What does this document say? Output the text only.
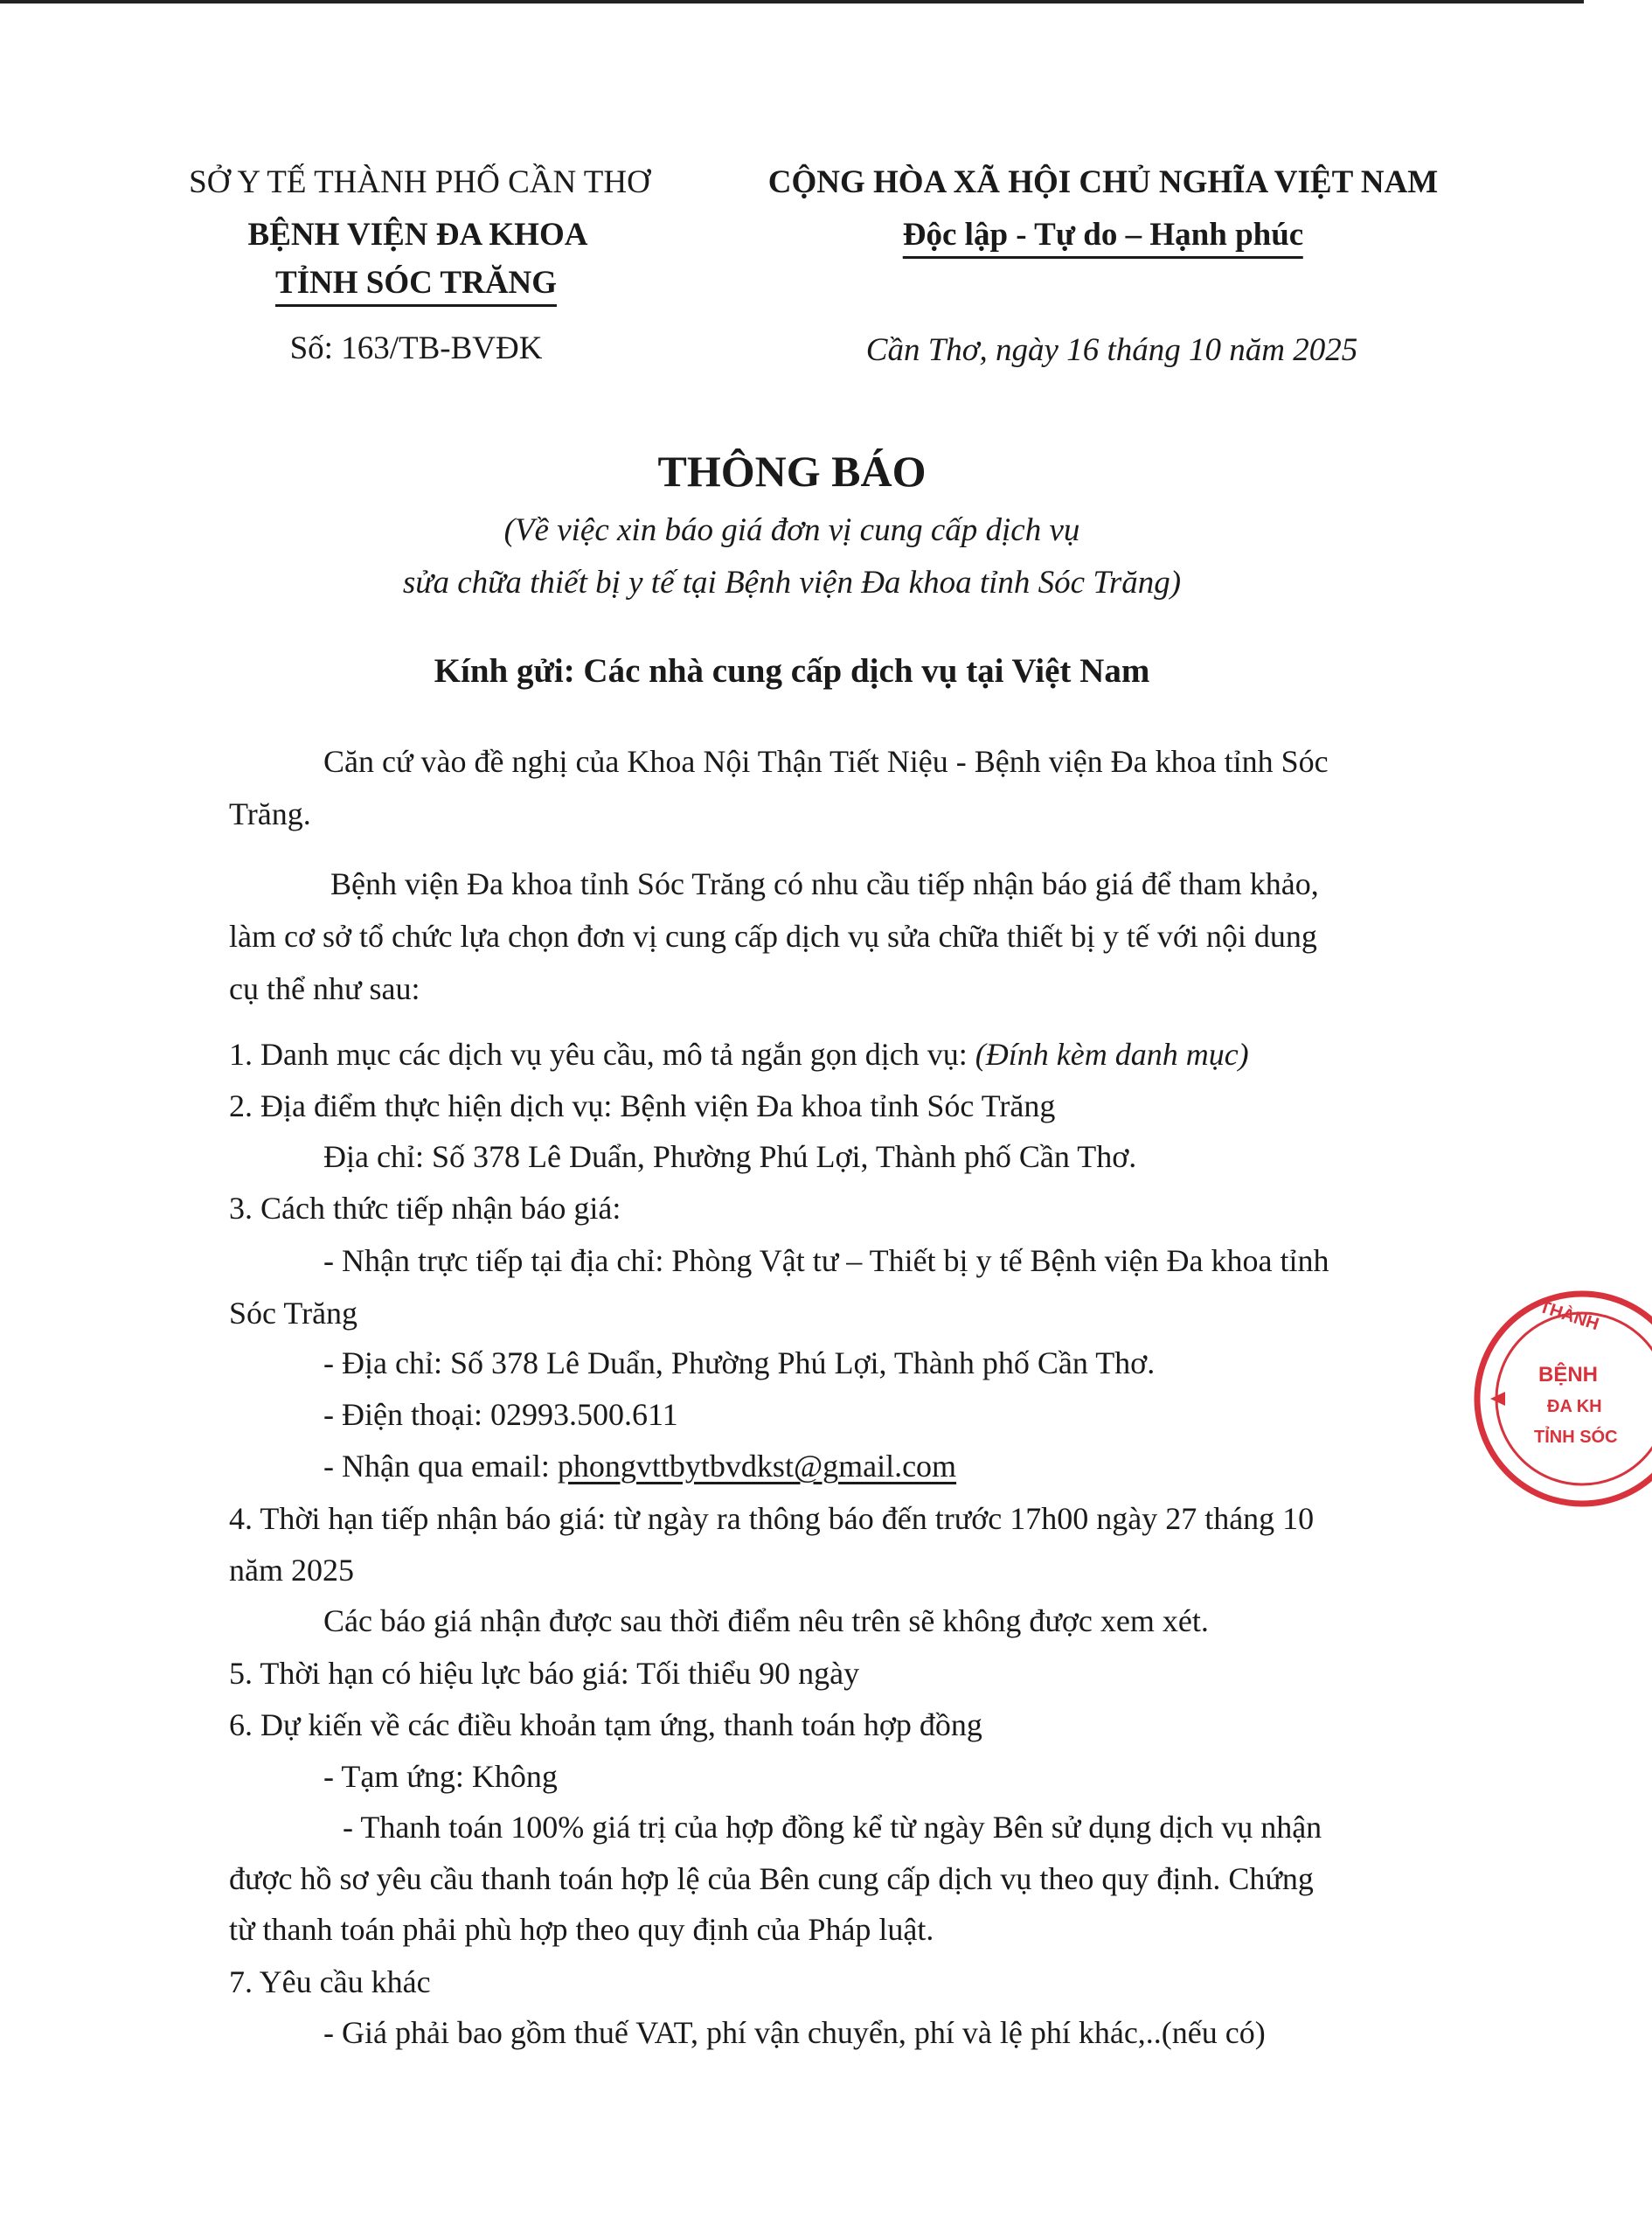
SỞ Y TẾ THÀNH PHỐ CẦN THƠ
BỆNH VIỆN ĐA KHOA
TỈNH SÓC TRĂNG
Số: 163/TB-BVĐK
CỘNG HÒA XÃ HỘI CHỦ NGHĨA VIỆT NAM
Độc lập - Tự do – Hạnh phúc
Cần Thơ, ngày 16 tháng 10 năm 2025
THÔNG BÁO
(Về việc xin báo giá đơn vị cung cấp dịch vụ
sửa chữa thiết bị y tế tại Bệnh viện Đa khoa tỉnh Sóc Trăng)
Kính gửi: Các nhà cung cấp dịch vụ tại Việt Nam
Căn cứ vào đề nghị của Khoa Nội Thận Tiết Niệu - Bệnh viện Đa khoa tỉnh Sóc
Trăng.
Bệnh viện Đa khoa tỉnh Sóc Trăng có nhu cầu tiếp nhận báo giá để tham khảo,
làm cơ sở tổ chức lựa chọn đơn vị cung cấp dịch vụ sửa chữa thiết bị y tế với nội dung
cụ thể như sau:
1. Danh mục các dịch vụ yêu cầu, mô tả ngắn gọn dịch vụ: (Đính kèm danh mục)
2. Địa điểm thực hiện dịch vụ: Bệnh viện Đa khoa tỉnh Sóc Trăng
Địa chỉ: Số 378 Lê Duẩn, Phường Phú Lợi, Thành phố Cần Thơ.
3. Cách thức tiếp nhận báo giá:
- Nhận trực tiếp tại địa chỉ: Phòng Vật tư – Thiết bị y tế Bệnh viện Đa khoa tỉnh
Sóc Trăng
- Địa chỉ: Số 378 Lê Duẩn, Phường Phú Lợi, Thành phố Cần Thơ.
- Điện thoại: 02993.500.611
- Nhận qua email: phongvttbytbvdkst@gmail.com
4. Thời hạn tiếp nhận báo giá: từ ngày ra thông báo đến trước 17h00 ngày 27 tháng 10
năm 2025
Các báo giá nhận được sau thời điểm nêu trên sẽ không được xem xét.
5. Thời hạn có hiệu lực báo giá: Tối thiểu 90 ngày
6. Dự kiến về các điều khoản tạm ứng, thanh toán hợp đồng
- Tạm ứng: Không
- Thanh toán 100% giá trị của hợp đồng kể từ ngày Bên sử dụng dịch vụ nhận
được hồ sơ yêu cầu thanh toán hợp lệ của Bên cung cấp dịch vụ theo quy định. Chứng
từ thanh toán phải phù hợp theo quy định của Pháp luật.
7. Yêu cầu khác
- Giá phải bao gồm thuế VAT, phí vận chuyển, phí và lệ phí khác,..(nếu có)
THÀNH
BỆNH
ĐA KH
TỈNH SÓC
